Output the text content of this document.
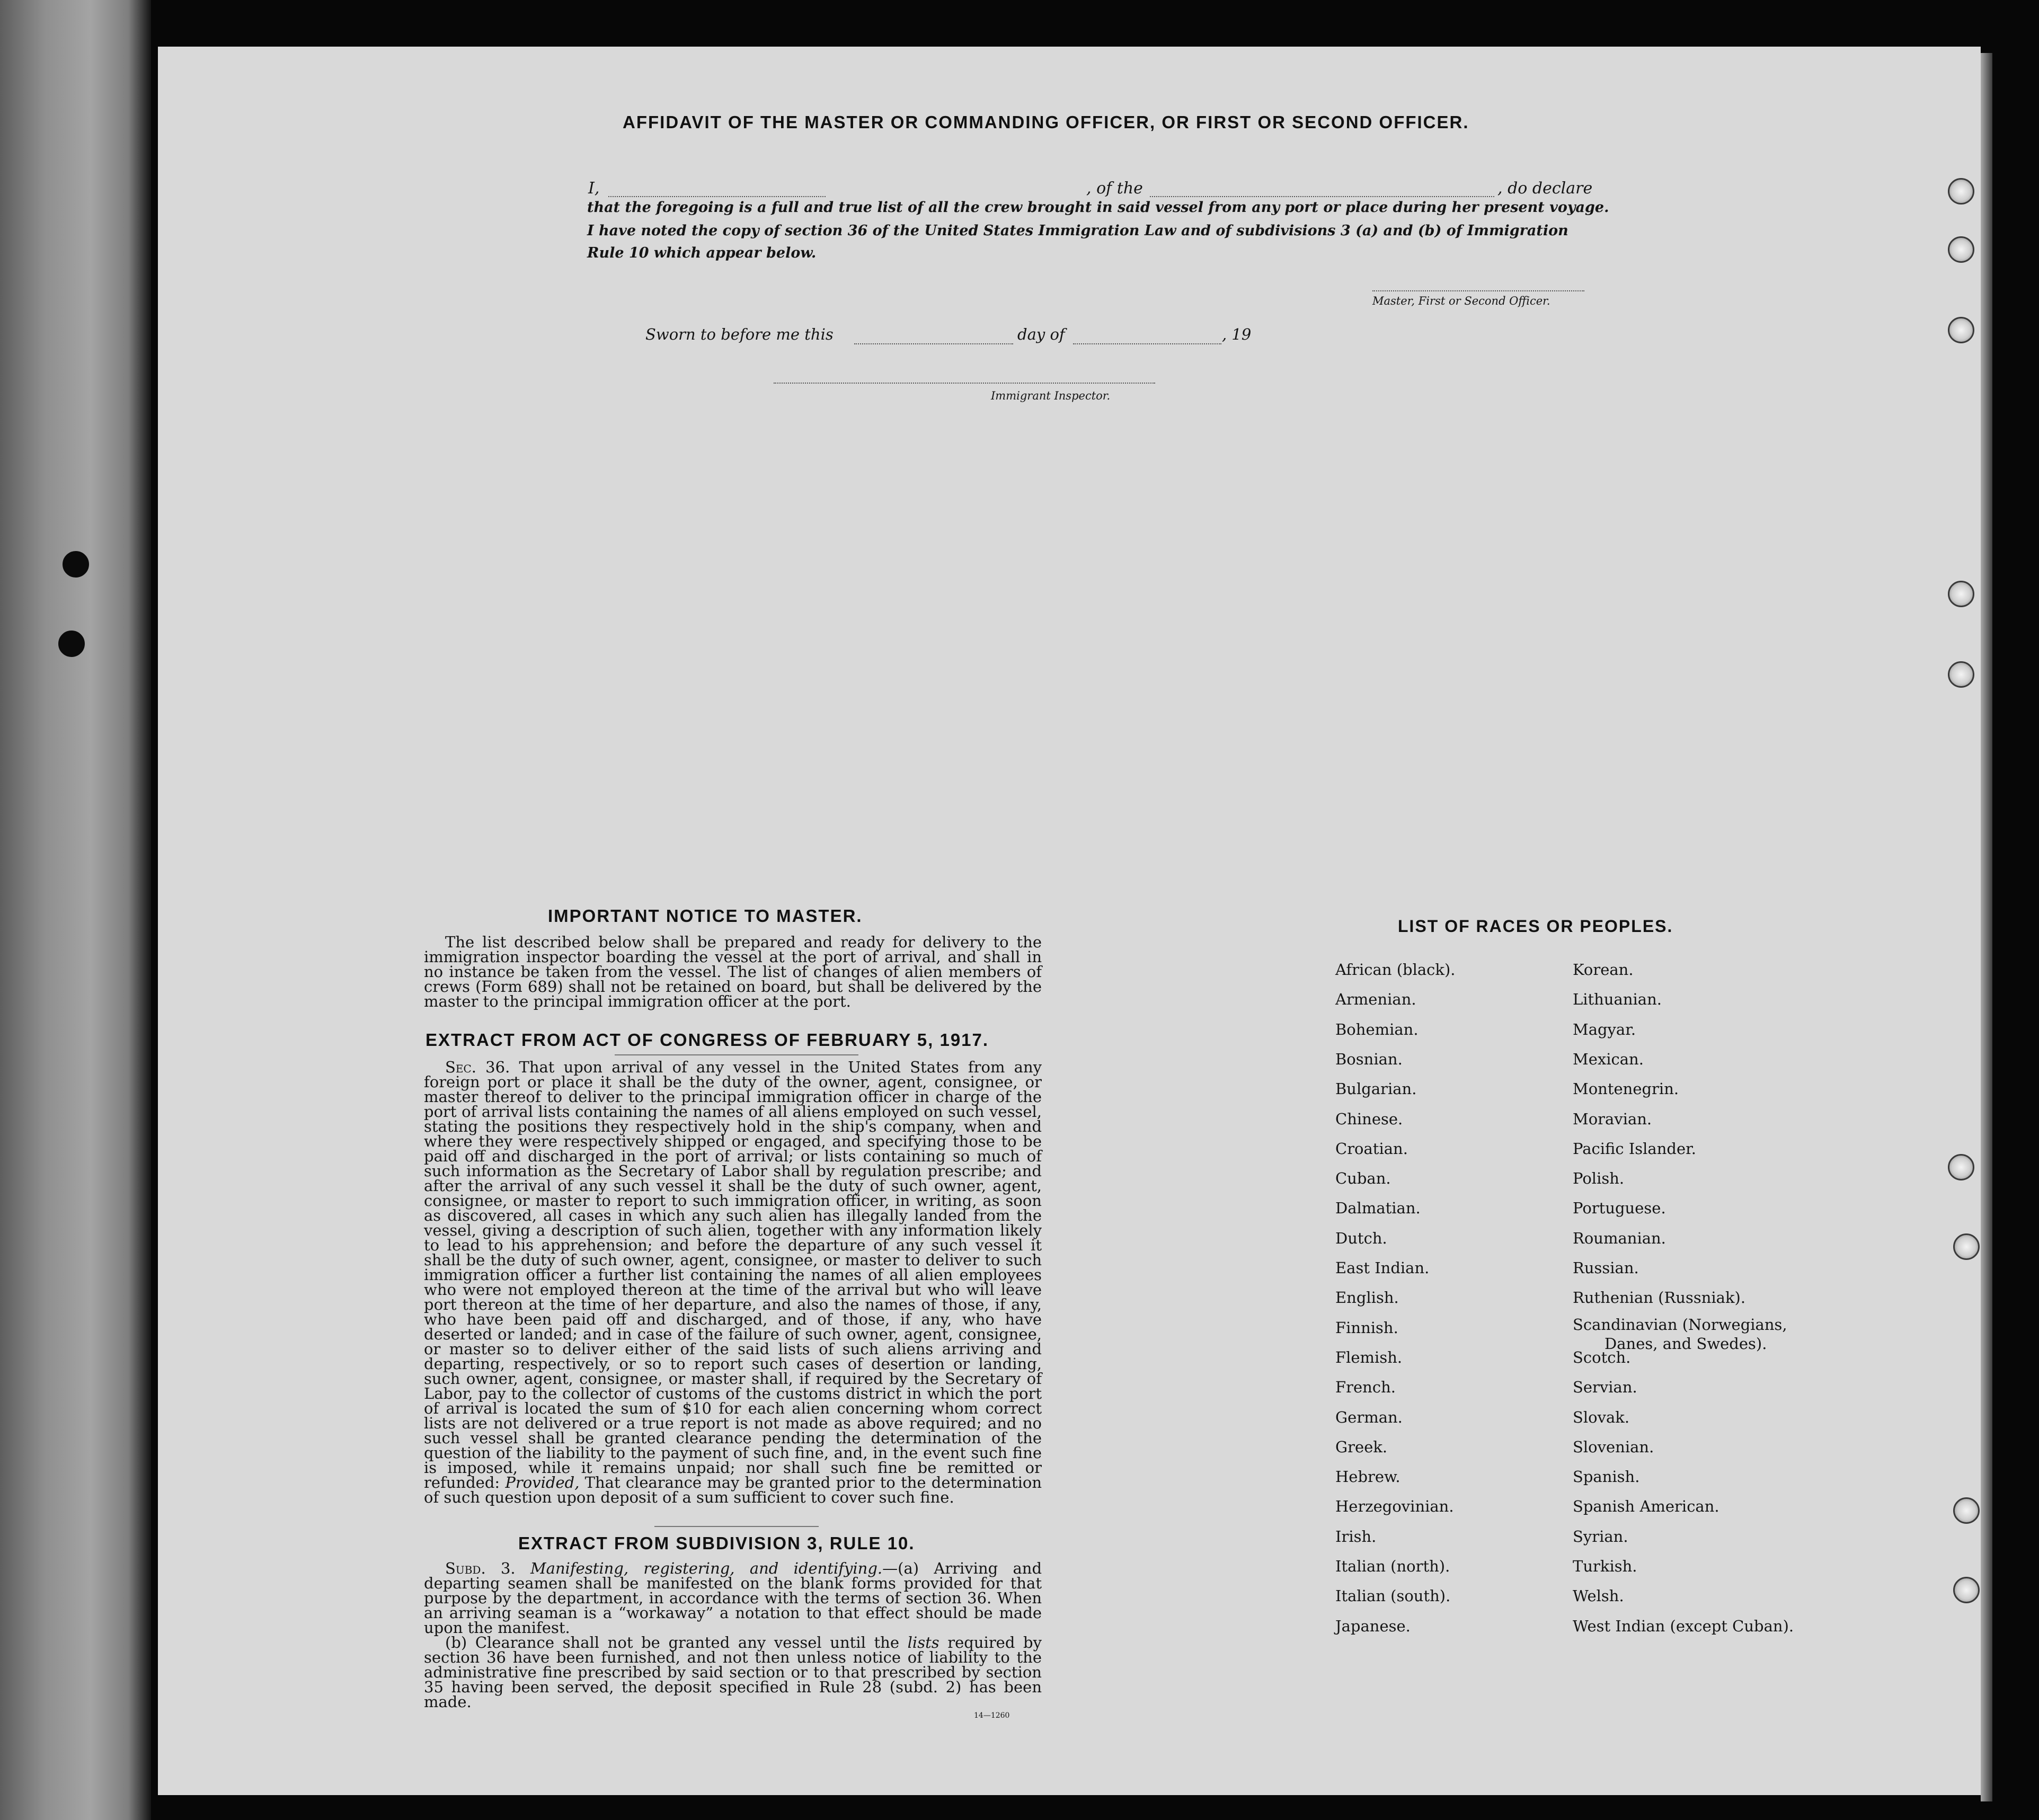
AFFIDAVIT OF THE MASTER OR COMMANDING OFFICER, OR FIRST OR SECOND OFFICER.
I,	, of the	, do declare
that the foregoing is a full and true list of all the crew brought in said vessel from any port or place during her present voyage.
I have noted the copy of section 36 of the United States Immigration Law and of subdivisions 3 (a) and (b) of Immigration
Rule 10 which appear below.
Master, First or Second Officer.
Sworn to before me this	day of	, 19
Immigrant Inspector.
IMPORTANT NOTICE TO MASTER.

The list described below shall be prepared and ready for delivery to the immigration inspector boarding the vessel at the port of arrival, and shall in no instance be taken from the vessel. The list of changes of alien members of crews (Form 689) shall not be retained on board, but shall be delivered by the master to the principal immigration officer at the port.

EXTRACT FROM ACT OF CONGRESS OF FEBRUARY 5, 1917.

Sec. 36. That upon arrival of any vessel in the United States from any foreign port or place it shall be the duty of the owner, agent, consignee, or master thereof to deliver to the principal immigration officer in charge of the port of arrival lists containing the names of all aliens employed on such vessel, stating the positions they respectively hold in the ship's company, when and where they were respectively shipped or engaged, and specifying those to be paid off and discharged in the port of arrival; or lists containing so much of such information as the Secretary of Labor shall by regulation prescribe; and after the arrival of any such vessel it shall be the duty of such owner, agent, consignee, or master to report to such immigration officer, in writing, as soon as discovered, all cases in which any such alien has illegally landed from the vessel, giving a description of such alien, together with any information likely to lead to his apprehension; and before the departure of any such vessel it shall be the duty of such owner, agent, consignee, or master to deliver to such immigration officer a further list containing the names of all alien employees who were not employed thereon at the time of the arrival but who will leave port thereon at the time of her departure, and also the names of those, if any, who have been paid off and discharged, and of those, if any, who have deserted or landed; and in case of the failure of such owner, agent, consignee, or master so to deliver either of the said lists of such aliens arriving and departing, respectively, or so to report such cases of desertion or landing, such owner, agent, consignee, or master shall, if required by the Secretary of Labor, pay to the collector of customs of the customs district in which the port of arrival is located the sum of $10 for each alien concerning whom correct lists are not delivered or a true report is not made as above required; and no such vessel shall be granted clearance pending the determination of the question of the liability to the payment of such fine, and, in the event such fine is imposed, while it remains unpaid; nor shall such fine be remitted or refunded: Provided, That clearance may be granted prior to the determination of such question upon deposit of a sum sufficient to cover such fine.

EXTRACT FROM SUBDIVISION 3, RULE 10.

Subd. 3. Manifesting, registering, and identifying.—(a) Arriving and departing seamen shall be manifested on the blank forms provided for that purpose by the department, in accordance with the terms of section 36. When an arriving seaman is a “workaway” a notation to that effect should be made upon the manifest.

(b) Clearance shall not be granted any vessel until the lists required by section 36 have been furnished, and not then unless notice of liability to the administrative fine prescribed by said section or to that prescribed by section 35 having been served, the deposit specified in Rule 28 (subd. 2) has been made.

14—1260
LIST OF RACES OR PEOPLES.
African (black).
Armenian.
Bohemian.
Bosnian.
Bulgarian.
Chinese.
Croatian.
Cuban.
Dalmatian.
Dutch.
East Indian.
English.
Finnish.
Flemish.
French.
German.
Greek.
Hebrew.
Herzegovinian.
Irish.
Italian (north).
Italian (south).
Japanese.
Korean.
Lithuanian.
Magyar.
Mexican.
Montenegrin.
Moravian.
Pacific Islander.
Polish.
Portuguese.
Roumanian.
Russian.
Ruthenian (Russniak).
Scandinavian (Norwegians,
Scotch.
Servian.
Slovak.
Slovenian.
Spanish.
Spanish American.
Syrian.
Turkish.
Welsh.
West Indian (except Cuban).
Danes, and Swedes).
